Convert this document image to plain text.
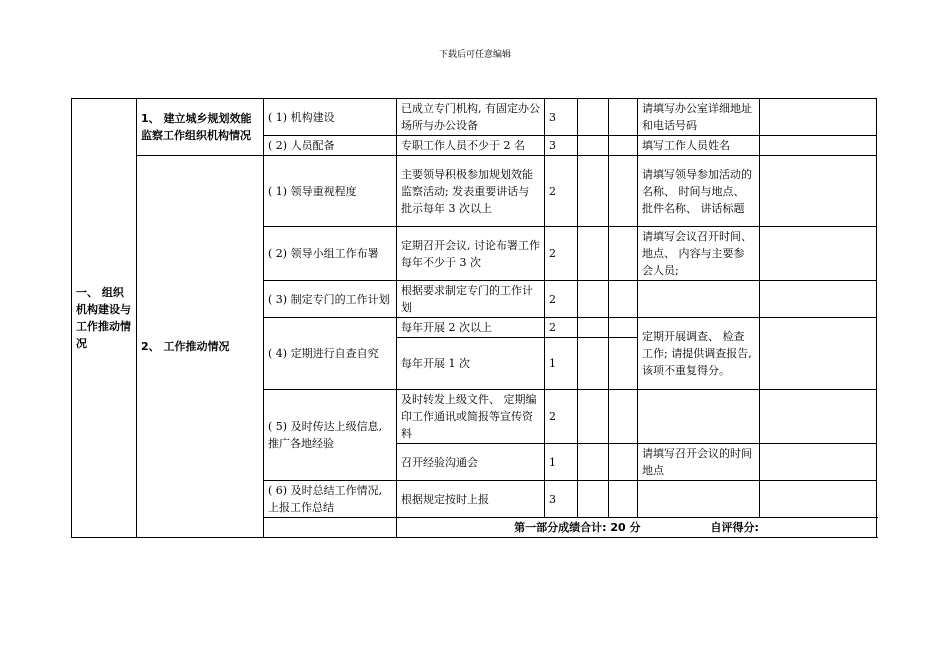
下载后可任意编辑
一、 组织机构建设与工作推动情况	1、 建立城乡规划效能监察工作组织机构情况	( 1) 机构建设	已成立专门机构, 有固定办公场所与办公设备	3			请填写办公室详细地址和电话号码	
		( 2) 人员配备	专职工作人员不少于 2 名	3			填写工作人员姓名	
	2、 工作推动情况	( 1) 领导重视程度	主要领导积极参加规划效能监察活动; 发表重要讲话与批示每年 3 次以上	2			请填写领导参加活动的名称、 时间与地点、 批件名称、 讲话标题	
		( 2) 领导小组工作布署	定期召开会议, 讨论布署工作每年不少于 3 次	2			请填写会议召开时间、 地点、 内容与主要参会人员;	
		( 3) 制定专门的工作计划	根据要求制定专门的工作计划	2				
		( 4) 定期进行自查自究	每年开展 2 次以上	2			定期开展调查、 检查工作; 请提供调查报告, 该项不重复得分。	
			每年开展 1 次	1				
		( 5) 及时传达上级信息, 推广各地经验	及时转发上级文件、 定期编印工作通讯或简报等宣传资料	2				
			召开经验沟通会	1			请填写召开会议的时间地点	
		( 6) 及时总结工作情况, 上报工作总结	根据规定按时上报	3				
			第一部分成绩合计: 20 分 自评得分:					
